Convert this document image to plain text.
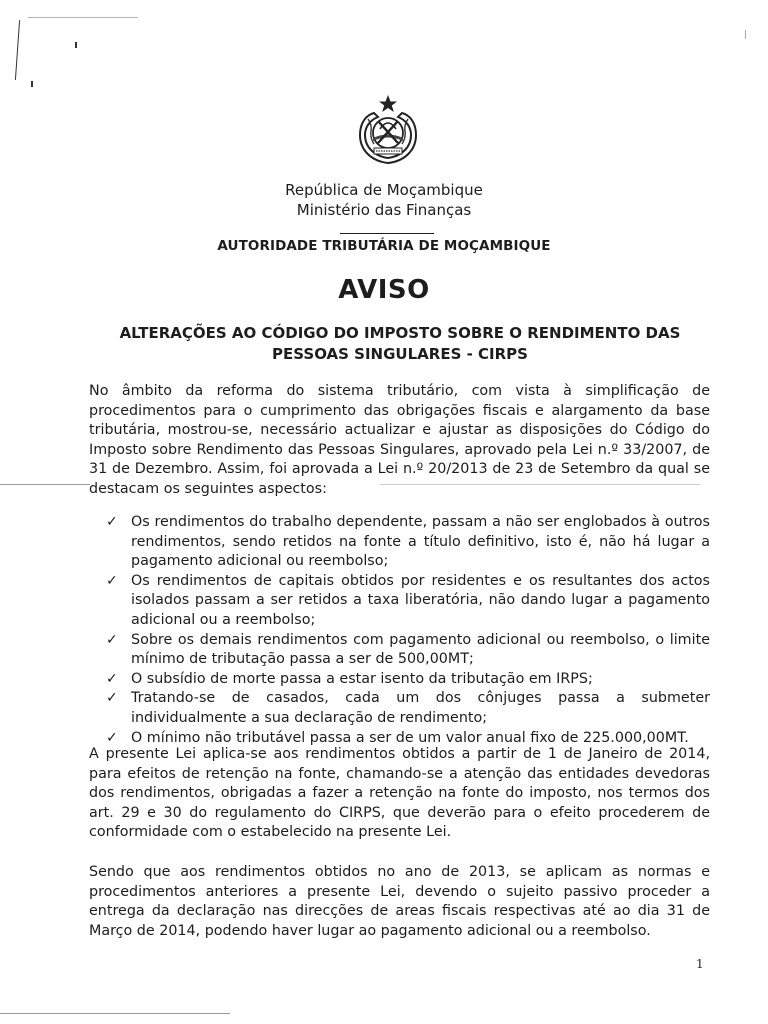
República de Moçambique
Ministério das Finanças
AUTORIDADE TRIBUTÁRIA DE MOÇAMBIQUE
AVISO
ALTERAÇÕES AO CÓDIGO DO IMPOSTO SOBRE O RENDIMENTO DAS PESSOAS SINGULARES - CIRPS

No âmbito da reforma do sistema tributário, com vista à simplificação de procedimentos para o cumprimento das obrigações fiscais e alargamento da base tributária, mostrou-se, necessário actualizar e ajustar as disposições do Código do Imposto sobre Rendimento das Pessoas Singulares, aprovado pela Lei n.º 33/2007, de 31 de Dezembro. Assim, foi aprovada a Lei n.º 20/2013 de 23 de Setembro da qual se destacam os seguintes aspectos:

✓ Os rendimentos do trabalho dependente, passam a não ser englobados à outros rendimentos, sendo retidos na fonte a título definitivo, isto é, não há lugar a pagamento adicional ou reembolso;
✓ Os rendimentos de capitais obtidos por residentes e os resultantes dos actos isolados passam a ser retidos a taxa liberatória, não dando lugar a pagamento adicional ou a reembolso;
✓ Sobre os demais rendimentos com pagamento adicional ou reembolso, o limite mínimo de tributação passa a ser de 500,00MT;
✓ O subsídio de morte passa a estar isento da tributação em IRPS;
✓ Tratando-se de casados, cada um dos cônjuges passa a submeter individualmente a sua declaração de rendimento;
✓ O mínimo não tributável passa a ser de um valor anual fixo de 225.000,00MT.

A presente Lei aplica-se aos rendimentos obtidos a partir de 1 de Janeiro de 2014, para efeitos de retenção na fonte, chamando-se a atenção das entidades devedoras dos rendimentos, obrigadas a fazer a retenção na fonte do imposto, nos termos dos art. 29 e 30 do regulamento do CIRPS, que deverão para o efeito procederem de conformidade com o estabelecido na presente Lei.

Sendo que aos rendimentos obtidos no ano de 2013, se aplicam as normas e procedimentos anteriores a presente Lei, devendo o sujeito passivo proceder a entrega da declaração nas direcções de areas fiscais respectivas até ao dia 31 de Março de 2014, podendo haver lugar ao pagamento adicional ou a reembolso.

1
